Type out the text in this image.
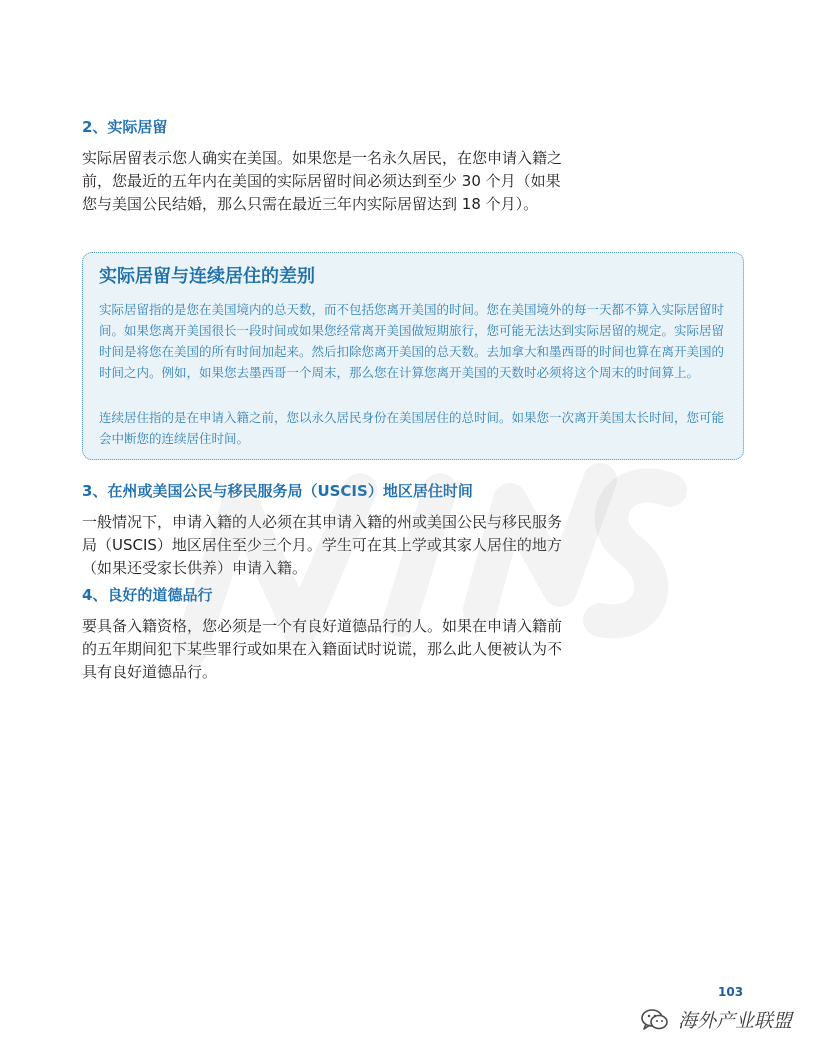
2、实际居留

实际居留表示您人确实在美国。如果您是一名永久居民，在您申请入籍之前，您最近的五年内在美国的实际居留时间必须达到至少 30 个月（如果您与美国公民结婚，那么只需在最近三年内实际居留达到 18 个月）。

实际居留与连续居住的差别

实际居留指的是您在美国境内的总天数，而不包括您离开美国的时间。您在美国境外的每一天都不算入实际居留时间。如果您离开美国很长一段时间或如果您经常离开美国做短期旅行，您可能无法达到实际居留的规定。实际居留时间是将您在美国的所有时间加起来。然后扣除您离开美国的总天数。去加拿大和墨西哥的时间也算在离开美国的时间之内。例如，如果您去墨西哥一个周末，那么您在计算您离开美国的天数时必须将这个周末的时间算上。

连续居住指的是在申请入籍之前，您以永久居民身份在美国居住的总时间。如果您一次离开美国太长时间，您可能会中断您的连续居住时间。

3、在州或美国公民与移民服务局（USCIS）地区居住时间

一般情况下，申请入籍的人必须在其申请入籍的州或美国公民与移民服务局（USCIS）地区居住至少三个月。学生可在其上学或其家人居住的地方（如果还受家长供养）申请入籍。

4、良好的道德品行

要具备入籍资格，您必须是一个有良好道德品行的人。如果在申请入籍前的五年期间犯下某些罪行或如果在入籍面试时说谎，那么此人便被认为不具有良好道德品行。

103
海外产业联盟
